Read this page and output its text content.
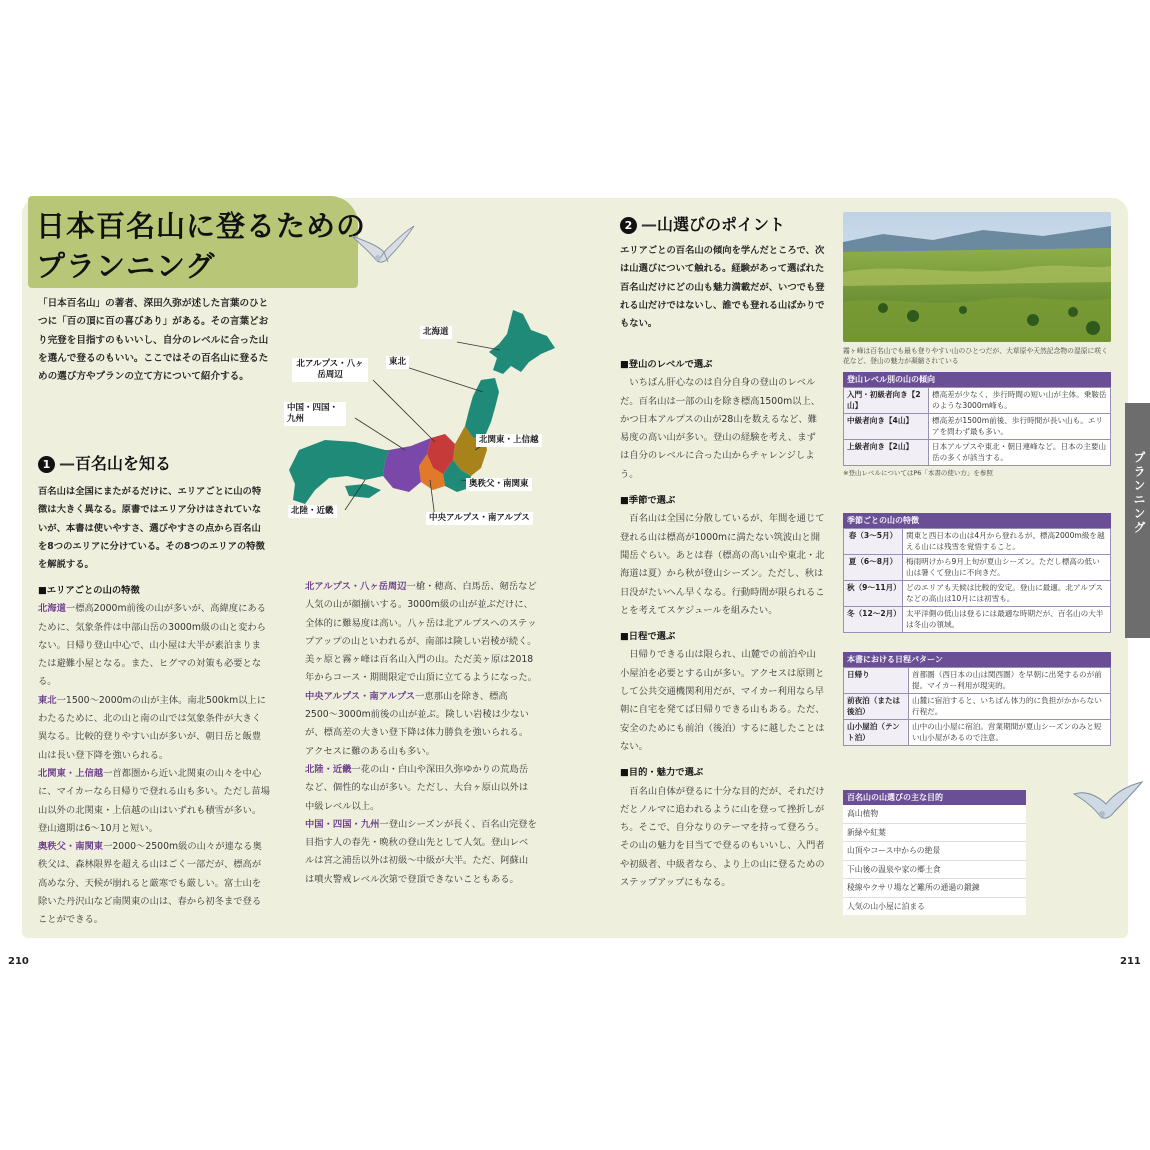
日本百名山に登るための
プランニング

「日本百名山」の著者、深田久弥が述した言葉のひとつに「百の頂に百の喜びあり」がある。その言葉どおり完登を目指すのもいいし、自分のレベルに合った山を選んで登るのもいい。ここではその百名山に登るための選び方やプランの立て方について紹介する。

1 —百名山を知る

百名山は全国にまたがるだけに、エリアごとに山の特徴は大きく異なる。原書ではエリア分けはされていないが、本書は使いやすさ、選びやすさの点から百名山を8つのエリアに分けている。その8つのエリアの特徴を解説する。

■エリアごとの山の特徴

北海道一標高2000m前後の山が多いが、高緯度にあるために、気象条件は中部山岳の3000m級の山と変わらない。日帰り登山中心で、山小屋は大半が素泊まりまたは避難小屋となる。また、ヒグマの対策も必要となる。

東北一1500〜2000mの山が主体。南北500km以上にわたるために、北の山と南の山では気象条件が大きく異なる。比較的登りやすい山が多いが、朝日岳と飯豊山は長い登下降を強いられる。

北関東・上信越一首都圏から近い北関東の山々を中心に、マイカーなら日帰りで登れる山も多い。ただし苗場山以外の北関東・上信越の山はいずれも積雪が多い。登山適期は6〜10月と短い。

奥秩父・南関東一2000〜2500m級の山々が連なる奥秩父は、森林限界を超える山はごく一部だが、標高が高めな分、天候が崩れると厳寒でも厳しい。富士山を除いた丹沢山など南関東の山は、春から初冬まで登ることができる。

北アルプス・八ヶ岳周辺一槍・穂高、白馬岳、剱岳など人気の山が顔揃いする。3000m級の山が並ぶだけに、全体的に難易度は高い。八ヶ岳は北アルプスへのステップアップの山といわれるが、南部は険しい岩稜が続く。美ヶ原と霧ヶ峰は百名山入門の山。ただ美ヶ原は2018年からコース・期間限定で山頂に立てるようになった。

中央アルプス・南アルプス一恵那山を除き、標高2500〜3000m前後の山が並ぶ。険しい岩稜は少ないが、標高差の大きい登下降は体力勝負を強いられる。アクセスに難のある山も多い。

北陸・近畿一花の山・白山や深田久弥ゆかりの荒島岳など、個性的な山が多い。ただし、大台ヶ原山以外は中級レベル以上。

中国・四国・九州一登山シーズンが長く、百名山完登を目指す人の春先・晩秋の登山先として人気。登山レベルは宮之浦岳以外は初級〜中級が大半。ただ、阿蘇山は噴火警戒レベル次第で登頂できないこともある。

北海道
東北
北アルプス・八ヶ岳周辺
中国・四国・九州
北関東・上信越
奥秩父・南関東
北陸・近畿
中央アルプス・南アルプス
2 —山選びのポイント

エリアごとの百名山の傾向を学んだところで、次は山選びについて触れる。経験があって選ばれた百名山だけにどの山も魅力満載だが、いつでも登れる山だけではないし、誰でも登れる山ばかりでもない。

■登山のレベルで選ぶ

いちばん肝心なのは自分自身の登山のレベルだ。百名山は一部の山を除き標高1500m以上、かつ日本アルプスの山が28山を数えるなど、難易度の高い山が多い。登山の経験を考え、まずは自分のレベルに合った山からチャレンジしよう。

■季節で選ぶ

百名山は全国に分散しているが、年間を通じて登れる山は標高が1000mに満たない筑波山と開聞岳ぐらい。あとは春（標高の高い山や東北・北海道は夏）から秋が登山シーズン。ただし、秋は日没がたいへん早くなる。行動時間が限られることを考えてスケジュールを組みたい。

■日程で選ぶ

日帰りできる山は限られ、山麓での前泊や山小屋泊を必要とする山が多い。アクセスは原則として公共交通機関利用だが、マイカー利用なら早朝に自宅を発てば日帰りできる山もある。ただ、安全のためにも前泊（後泊）するに越したことはない。

■目的・魅力で選ぶ

百名山自体が登るに十分な目的だが、それだけだとノルマに追われるように山を登って挫折しがち。そこで、自分なりのテーマを持って登ろう。その山の魅力を目当てで登るのもいいし、入門者や初級者、中級者なら、より上の山に登るためのステップアップにもなる。

霧ヶ峰は百名山でも最も登りやすい山のひとつだが、大草原や天然記念物の湿原に咲く花など、登山の魅力が凝縮されている
登山レベル別の山の傾向
入門・初級者向き【2山】	標高差が少なく、歩行時間の短い山が主体。乗鞍岳のような3000m峰も。
中級者向き【4山】	標高差が1500m前後、歩行時間が長い山も。エリアを問わず最も多い。
上級者向き【2山】	日本アルプスや東北・朝日連峰など。日本の主要山岳の多くが該当する。
※登山レベルについてはP6「本書の使い方」を参照
季節ごとの山の特徴
春（3〜5月）	関東と西日本の山は4月から登れるが、標高2000m級を越える山には残雪を覚悟すること。
夏（6〜8月）	梅雨明けから9月上旬が夏山シーズン。ただし標高の低い山は暑くて登山に不向きだ。
秋（9〜11月）	どのエリアも天候は比較的安定。登山に最適。北アルプスなどの高山は10月には初雪も。
冬（12〜2月）	太平洋側の低山は登るには最適な時期だが、百名山の大半は冬山の領域。
本書における日程パターン
日帰り	首都圏（西日本の山は関西圏）を早朝に出発するのが前提。マイカー利用が現実的。
前夜泊（または後泊）	山麓に宿泊すると、いちばん体力的に負担がかからない行程だ。
山小屋泊（テント泊）	山中の山小屋に宿泊。営業期間が夏山シーズンのみと短い山小屋があるので注意。
百名山の山選びの主な目的
高山植物
新緑や紅葉
山頂やコース中からの絶景
下山後の温泉や家の郷土食
稜線やクサリ場など難所の通過の鍛錬
人気の山小屋に泊まる
プランニング
210	211
